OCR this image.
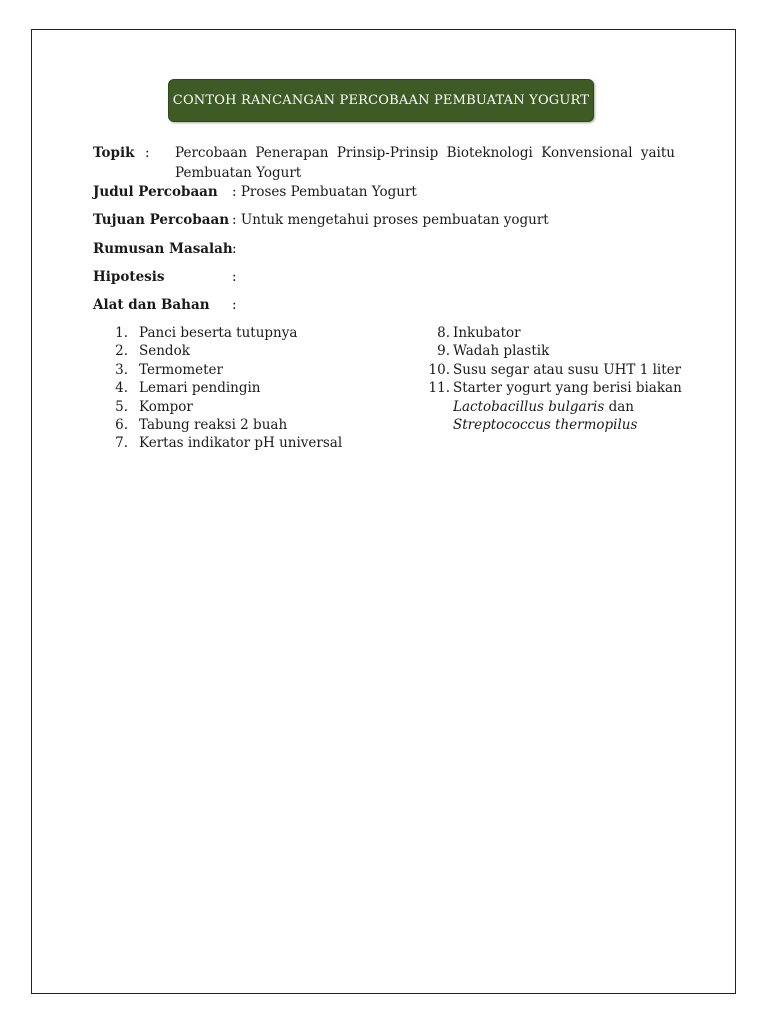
CONTOH RANCANGAN PERCOBAAN PEMBUATAN YOGURT
Topik : Percobaan Penerapan Prinsip-Prinsip Bioteknologi Konvensional yaitu Pembuatan Yogurt
Judul Percobaan : Proses Pembuatan Yogurt
Tujuan Percobaan : Untuk mengetahui proses pembuatan yogurt
Rumusan Masalah :
Hipotesis	:
Alat dan Bahan :
1. Panci beserta tutupnya
2. Sendok
3. Termometer
4. Lemari pendingin
5. Kompor
6. Tabung reaksi 2 buah
7. Kertas indikator pH universal
8. Inkubator
9. Wadah plastik
10. Susu segar atau susu UHT 1 liter
11. Starter yogurt yang berisi biakan
Lactobacillus bulgaris dan
Streptococcus thermopilus
